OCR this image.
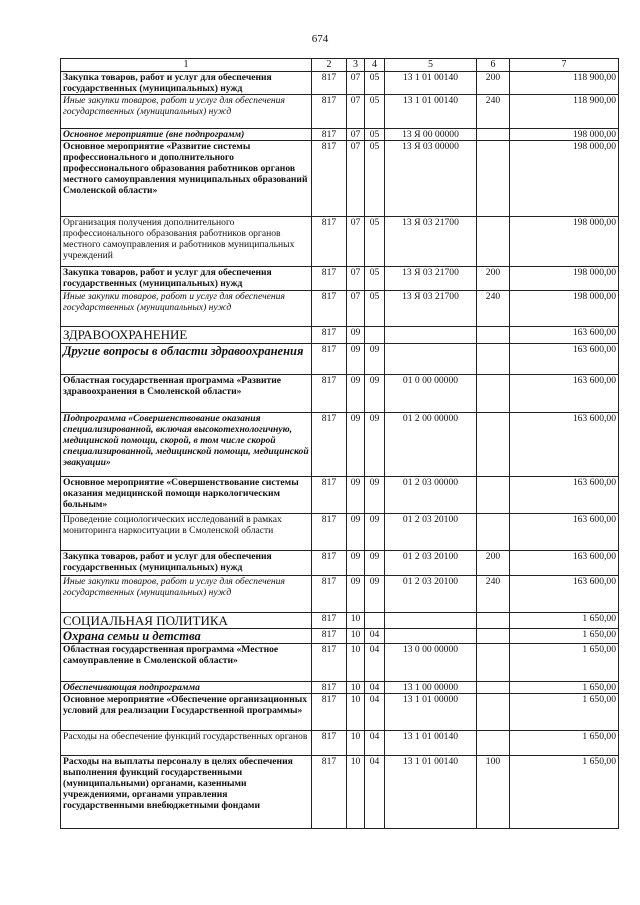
674
1	2	3	4	5	6	7
Закупка товаров, работ и услуг для обеспечения государственных (муниципальных) нужд	817	07	05	13 1 01 00140	200	118 900,00
Иные закупки товаров, работ и услуг для обеспечения государственных (муниципальных) нужд	817	07	05	13 1 01 00140	240	118 900,00
Основное мероприятие (вне подпрограмм)	817	07	05	13 Я 00 00000		198 000,00
Основное мероприятие «Развитие системы профессионального и дополнительного профессионального образования работников органов местного самоуправления муниципальных образований Смоленской области»	817	07	05	13 Я 03 00000		198 000,00
Организация получения дополнительного профессионального образования работников органов местного самоуправления и работников муниципальных учреждений	817	07	05	13 Я 03 21700		198 000,00
Закупка товаров, работ и услуг для обеспечения государственных (муниципальных) нужд	817	07	05	13 Я 03 21700	200	198 000,00
Иные закупки товаров, работ и услуг для обеспечения государственных (муниципальных) нужд	817	07	05	13 Я 03 21700	240	198 000,00
ЗДРАВООХРАНЕНИЕ	817	09				163 600,00
Другие вопросы в области здравоохранения	817	09	09			163 600,00
Областная государственная программа «Развитие здравоохранения в Смоленской области»	817	09	09	01 0 00 00000		163 600,00
Подпрограмма «Совершенствование оказания специализированной, включая высокотехнологичную, медицинской помощи, скорой, в том числе скорой специализированной, медицинской помощи, медицинской эвакуации»	817	09	09	01 2 00 00000		163 600,00
Основное мероприятие «Совершенствование системы оказания медицинской помощи наркологическим больным»	817	09	09	01 2 03 00000		163 600,00
Проведение социологических исследований в рамках мониторинга наркоситуации в Смоленской области	817	09	09	01 2 03 20100		163 600,00
Закупка товаров, работ и услуг для обеспечения государственных (муниципальных) нужд	817	09	09	01 2 03 20100	200	163 600,00
Иные закупки товаров, работ и услуг для обеспечения государственных (муниципальных) нужд	817	09	09	01 2 03 20100	240	163 600,00
СОЦИАЛЬНАЯ ПОЛИТИКА	817	10				1 650,00
Охрана семьи и детства	817	10	04			1 650,00
Областная государственная программа «Местное самоуправление в Смоленской области»	817	10	04	13 0 00 00000		1 650,00
Обеспечивающая подпрограмма	817	10	04	13 1 00 00000		1 650,00
Основное мероприятие «Обеспечение организационных условий для реализации Государственной программы»	817	10	04	13 1 01 00000		1 650,00
Расходы на обеспечение функций государственных органов	817	10	04	13 1 01 00140		1 650,00
Расходы на выплаты персоналу в целях обеспечения выполнения функций государственными (муниципальными) органами, казенными учреждениями, органами управления государственными внебюджетными фондами	817	10	04	13 1 01 00140	100	1 650,00
